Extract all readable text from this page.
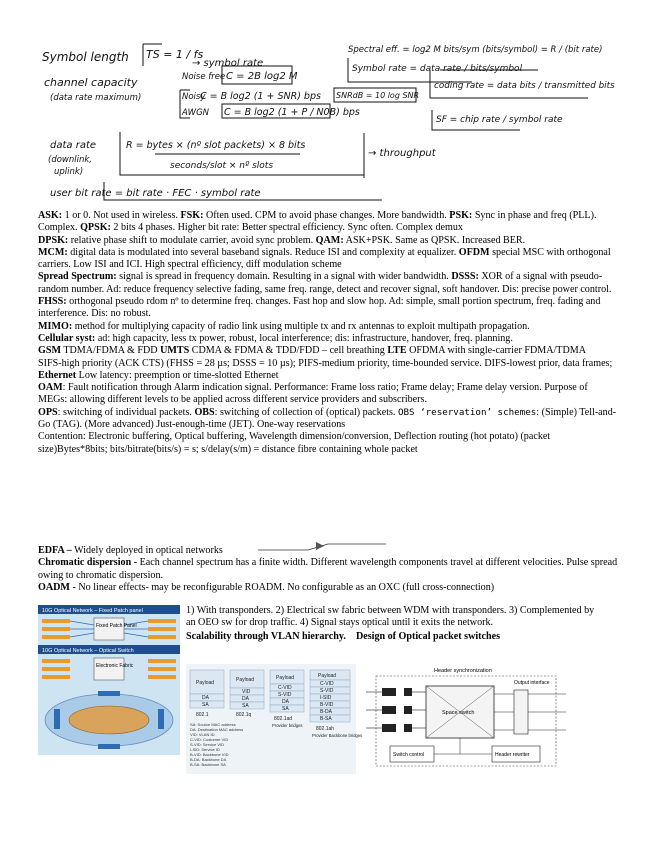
Symbol length TS = 1 / fs
→ symbol rate
Spectral eff. = log2 M bits/sym (bits/symbol) = R / (bit rate)
Symbol rate = data rate / bits/symbol
coding rate = data bits / transmitted bits
SF = chip rate / symbol rate
channel capacity
(data rate maximum)
Noise free C = 2B log2 M
Noisy
C = B log2 (1 + SNR) bps SNRdB = 10 log SNR
AWGN C = B log2 (1 + P / N0B) bps
data rate
(downlink,
uplink)
R = bytes × (nº slot packets) × 8 bits
seconds/slot × nº slots
→ throughput
user bit rate = bit rate · FEC · symbol rate

ASK: 1 or 0. Not used in wireless. FSK: Often used. CPM to avoid phase changes. More bandwidth. PSK: Sync in phase and freq (PLL). Complex. QPSK: 2 bits 4 phases. Higher bit rate: Better spectral efficiency. Sync often. Complex demux

DPSK: relative phase shift to modulate carrier, avoid sync problem. QAM: ASK+PSK. Same as QPSK. Increased BER.

MCM: digital data is modulated into several baseband signals. Reduce ISI and complexity at equalizer. OFDM special MSC with orthogonal carriers. Low ISI and ICI. High spectral efficiency, diff modulation scheme

Spread Spectrum: signal is spread in frequency domain. Resulting in a signal with wider bandwidth. DSSS: XOR of a signal with pseudo-random number. Ad: reduce frequency selective fading, same freq. range, detect and recover signal, soft handover. Dis: precise power control. FHSS: orthogonal pseudo rdom nº to determine freq. changes. Fast hop and slow hop. Ad: simple, small portion spectrum, freq. fading and interference. Dis: no robust.

MIMO: method for multiplying capacity of radio link using multiple tx and rx antennas to exploit multipath propagation.

Cellular syst: ad: high capacity, less tx power, robust, local interference; dis: infrastructure, handover, freq. planning.

GSM TDMA/FDMA & FDD UMTS CDMA & FDMA & TDD/FDD – cell breathing LTE OFDMA with single-carrier FDMA/TDMA

SIFS-high priority (ACK CTS) (FHSS = 28 µs; DSSS = 10 µs); PIFS-medium priority, time-bounded service. DIFS-lowest prior, data frames;

Ethernet Low latency: preemption or time-slotted Ethernet

OAM: Fault notification through Alarm indication signal. Performance: Frame loss ratio; Frame delay; Frame delay version. Purpose of MEGs: allowing different levels to be applied across different service providers and subscribers.

OPS: switching of individual packets. OBS: switching of collection of (optical) packets. OBS ‘reservation’ schemes: (Simple) Tell-and-Go (TAG). (More advanced) Just-enough-time (JET). One-way reservations

Contention: Electronic buffering, Optical buffering, Wavelength dimension/conversion, Deflection routing (hot potato) (packet size)Bytes*8bits; bits/bitrate(bits/s) = s; s/delay(s/m) = distance fibre containing whole packet

EDFA – Widely deployed in optical networks

Chromatic dispersion - Each channel spectrum has a finite width. Different wavelength components travel at different velocities. Pulse spread owing to chromatic dispersion.

OADM - No linear effects- may be reconfigurable ROADM. No configurable as an OXC (full cross-connection)

1) With transponders. 2) Electrical sw fabric between WDM with transponders. 3) Complemented by an OEO sw for drop traffic. 4) Signal stays optical until it exits the network.

Scalability through VLAN hierarchy. Design of Optical packet switches

10G Optical Network – Fixed Patch panel
Fixed Patch Panel
10G Optical Network – Optical Switch
Electronic Fabric
Payload
DA
SA
802.1
Payload
VID
DA
SA
802.1q
Payload
C-VID
S-VID
DA
SA
802.1ad
Provider bridges
Payload
C-VID
S-VID
I-SID
B-VID
B-DA
B-SA
802.1ah
Provider Backbone bridges
SA: Source MAC address
DA: Destination MAC address
VID: VLAN ID
C-VID: Customer VID
S-VID: Service VID
I-SID: Service ID
B-VID: Backbone VID
B-DA: Backbone DA
B-SA: Backbone SA
Header synchronization
Space switch
Output interface
Switch control	Header rewriter
